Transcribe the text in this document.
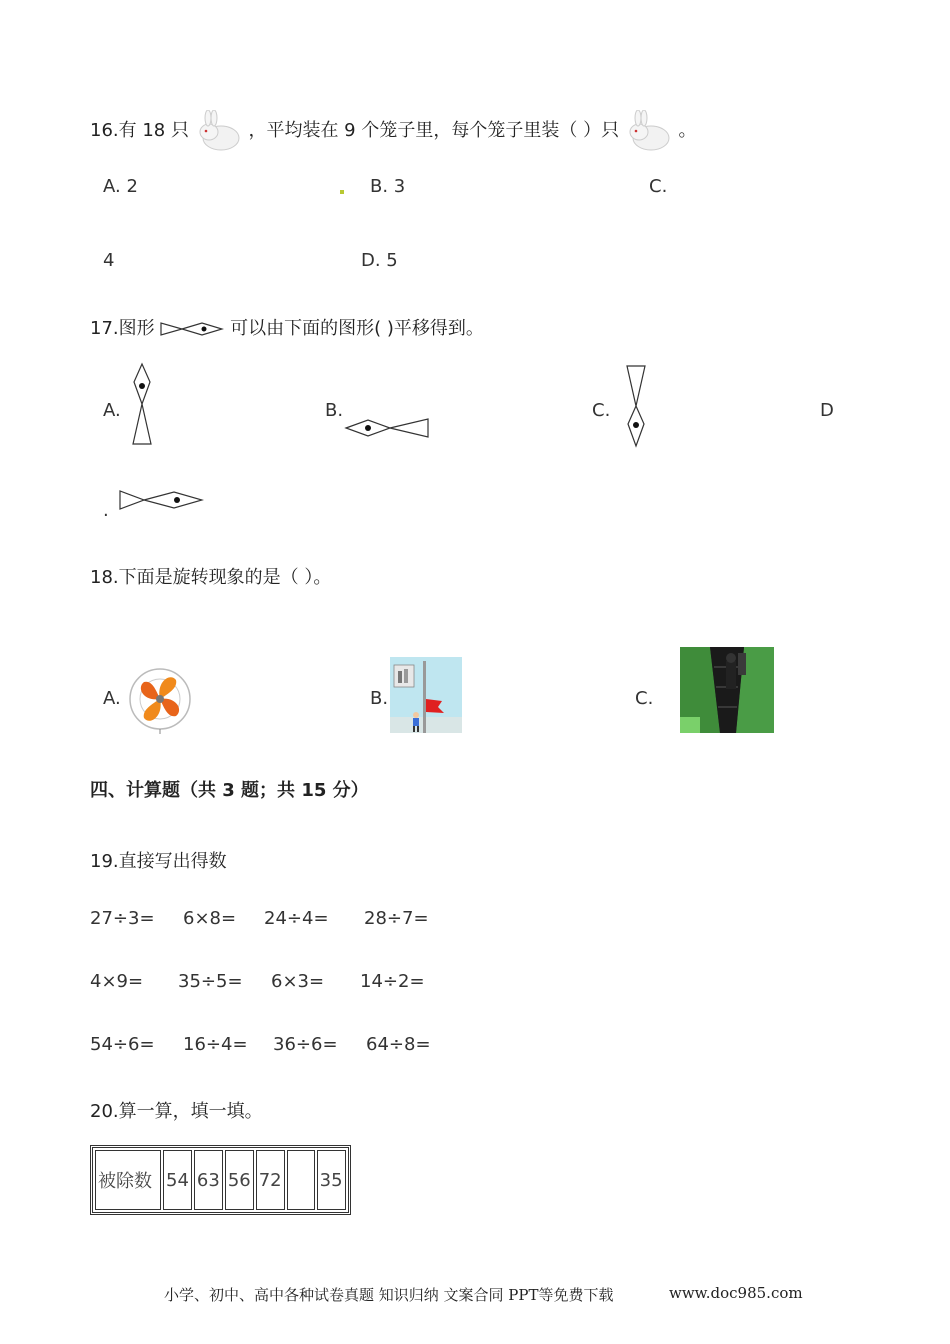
16.有 18 只	，平均装在 9 个笼子里，每个笼子里装（ ）只	。
A. 2	B. 3	C.
4	D. 5
17.图形	可以由下面的图形( )平移得到。
A.	B.	C.	D
.
18.下面是旋转现象的是（ ）。
A.	B.	C.
四、计算题（共 3 题；共 15 分）
19.直接写出得数
27÷3= 6×8= 24÷4= 28÷7=
4×9= 35÷5= 6×3= 14÷2=
54÷6= 16÷4= 36÷6= 64÷8=
20.算一算，填一填。
被除数	54	63	56	72		35
小学、初中、高中各种试卷真题 知识归纳 文案合同 PPT等免费下载	www.doc985.com
